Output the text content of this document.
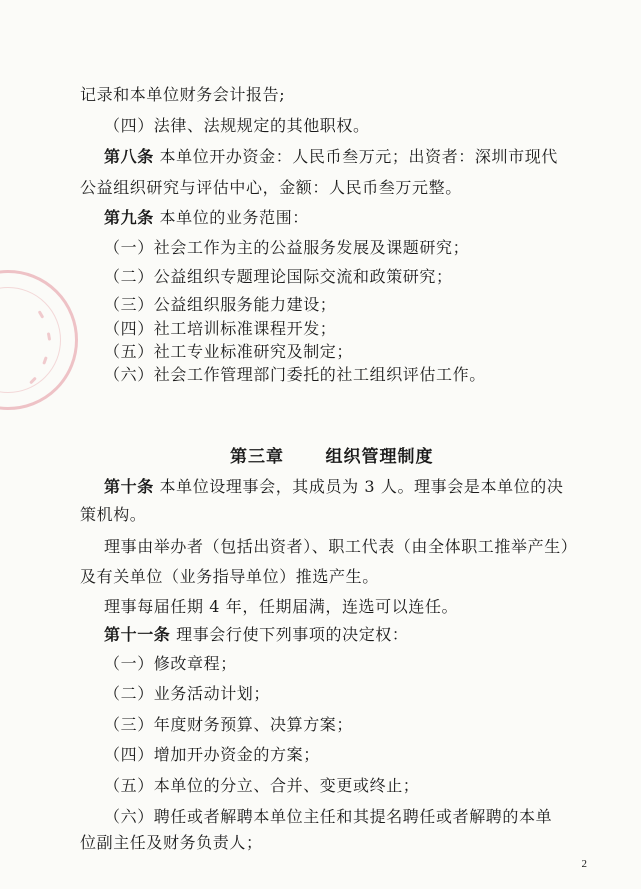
记录和本单位财务会计报告;
（四）法律、法规规定的其他职权。
第八条 本单位开办资金：人民币叁万元；出资者：深圳市现代
公益组织研究与评估中心，金额：人民币叁万元整。
第九条 本单位的业务范围：
（一）社会工作为主的公益服务发展及课题研究；
（二）公益组织专题理论国际交流和政策研究；
（三）公益组织服务能力建设；
（四）社工培训标准课程开发；
（五）社工专业标准研究及制定；
（六）社会工作管理部门委托的社工组织评估工作。
第三章      组织管理制度
第十条 本单位设理事会，其成员为 3 人。理事会是本单位的决
策机构。
理事由举办者（包括出资者）、职工代表（由全体职工推举产生）
及有关单位（业务指导单位）推选产生。
理事每届任期 4 年，任期届满，连选可以连任。
第十一条 理事会行使下列事项的决定权：
（一）修改章程；
（二）业务活动计划；
（三）年度财务预算、决算方案；
（四）增加开办资金的方案；
（五）本单位的分立、合并、变更或终止；
（六）聘任或者解聘本单位主任和其提名聘任或者解聘的本单
位副主任及财务负责人；
2
